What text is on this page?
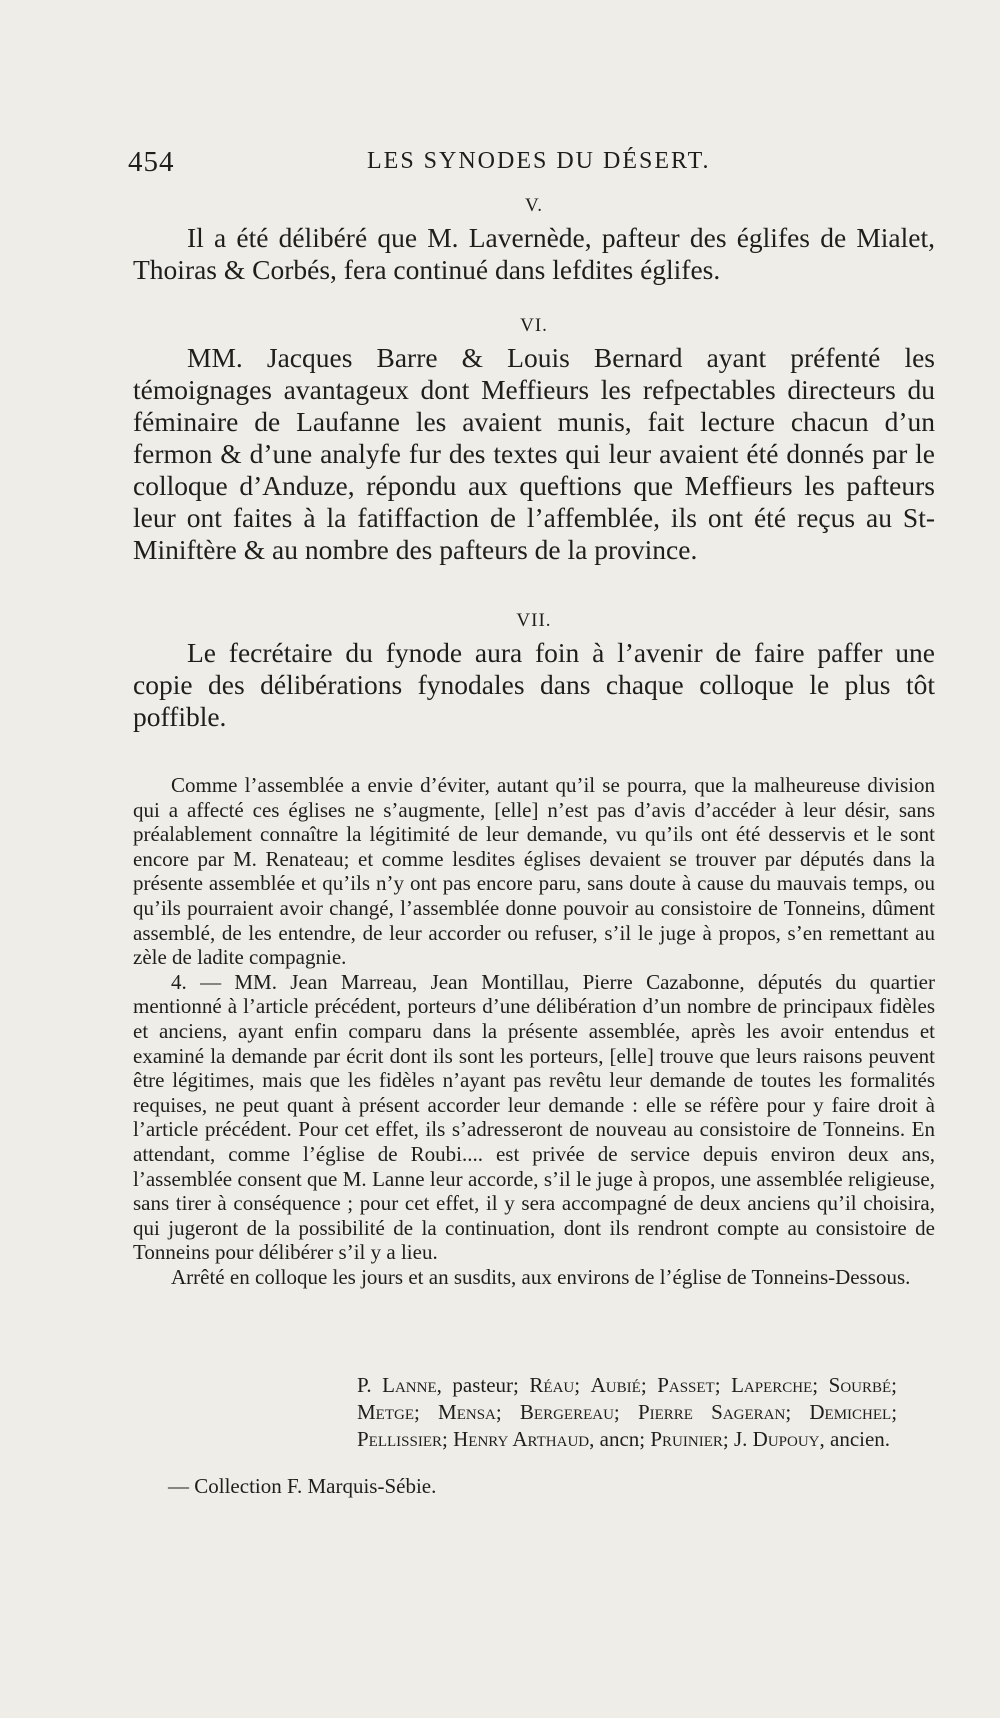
454	LES SYNODES DU DÉSERT.
V.

Il a été délibéré que M. Lavernède, pafteur des églifes de Mialet, Thoiras & Corbés, fera continué dans lefdites églifes.

VI.

MM. Jacques Barre & Louis Bernard ayant préfenté les témoignages avantageux dont Meffieurs les refpectables directeurs du féminaire de Laufanne les avaient munis, fait lecture chacun d’un fermon & d’une analyfe fur des textes qui leur avaient été donnés par le colloque d’Anduze, répondu aux queftions que Meffieurs les pafteurs leur ont faites à la fatiffaction de l’affemblée, ils ont été reçus au St-Miniftère & au nombre des pafteurs de la province.

VII.

Le fecrétaire du fynode aura foin à l’avenir de faire paffer une copie des délibérations fynodales dans chaque colloque le plus tôt poffible.

Comme l’assemblée a envie d’éviter, autant qu’il se pourra, que la malheureuse division qui a affecté ces églises ne s’augmente, [elle] n’est pas d’avis d’accéder à leur désir, sans préalablement connaître la légitimité de leur demande, vu qu’ils ont été desservis et le sont encore par M. Renateau; et comme lesdites églises devaient se trouver par députés dans la présente assemblée et qu’ils n’y ont pas encore paru, sans doute à cause du mauvais temps, ou qu’ils pourraient avoir changé, l’assemblée donne pouvoir au consistoire de Tonneins, dûment assemblé, de les entendre, de leur accorder ou refuser, s’il le juge à propos, s’en remettant au zèle de ladite compagnie.

4. — MM. Jean Marreau, Jean Montillau, Pierre Cazabonne, députés du quartier mentionné à l’article précédent, porteurs d’une délibération d’un nombre de principaux fidèles et anciens, ayant enfin comparu dans la présente assemblée, après les avoir entendus et examiné la demande par écrit dont ils sont les porteurs, [elle] trouve que leurs raisons peuvent être légitimes, mais que les fidèles n’ayant pas revêtu leur demande de toutes les formalités requises, ne peut quant à présent accorder leur demande : elle se réfère pour y faire droit à l’article précédent. Pour cet effet, ils s’adresseront de nouveau au consistoire de Tonneins. En attendant, comme l’église de Roubi.... est privée de service depuis environ deux ans, l’assemblée consent que M. Lanne leur accorde, s’il le juge à propos, une assemblée religieuse, sans tirer à conséquence ; pour cet effet, il y sera accompagné de deux anciens qu’il choisira, qui jugeront de la possibilité de la continuation, dont ils rendront compte au consistoire de Tonneins pour délibérer s’il y a lieu.

Arrêté en colloque les jours et an susdits, aux environs de l’église de Tonneins-Dessous.

P. Lanne, pasteur; Réau; Aubié; Passet; Laperche; Sourbé; Metge; Mensa; Bergereau; Pierre Sageran; Demichel; Pellissier; Henry Arthaud, ancn; Pruinier; J. Dupouy, ancien.
— Collection F. Marquis-Sébie.
